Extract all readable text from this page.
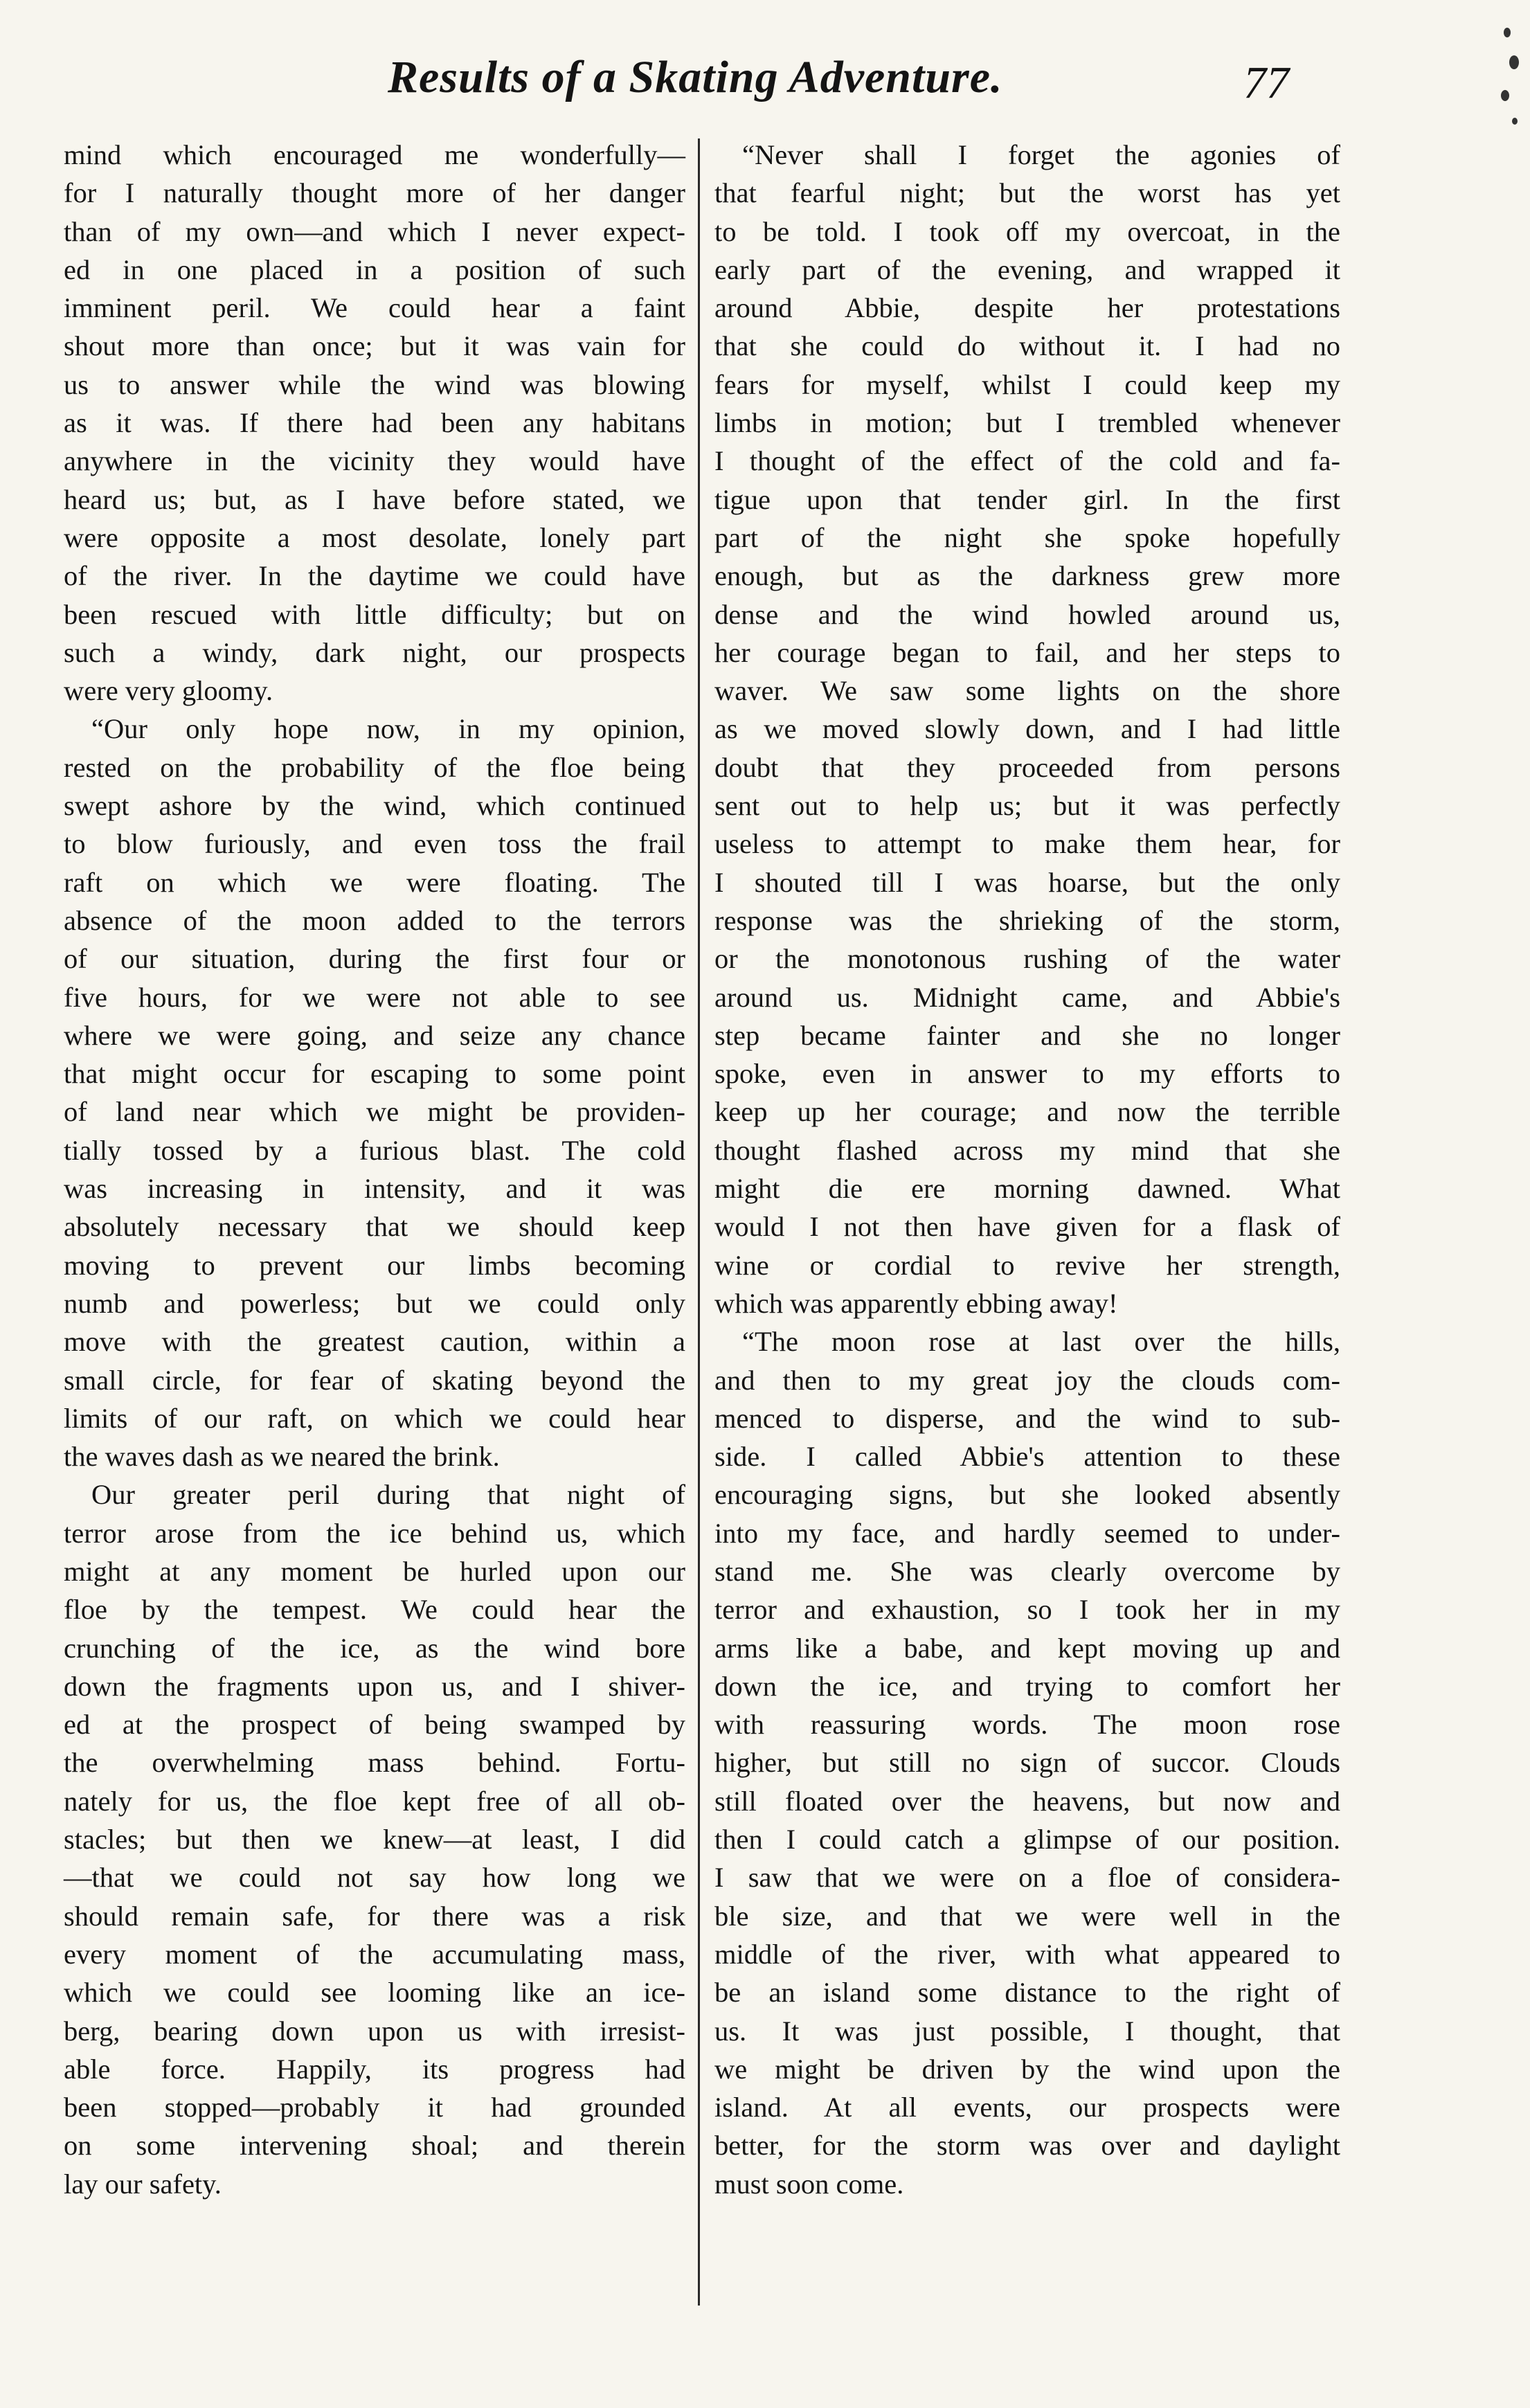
Results of a Skating Adventure.	77
mind which encouraged me wonderfully—
for I naturally thought more of her danger
than of my own—and which I never expect-
ed in one placed in a position of such
imminent peril. We could hear a faint
shout more than once; but it was vain for
us to answer while the wind was blowing
as it was. If there had been any habitans
anywhere in the vicinity they would have
heard us; but, as I have before stated, we
were opposite a most desolate, lonely part
of the river. In the daytime we could have
been rescued with little difficulty; but on
such a windy, dark night, our prospects
were very gloomy.
“Our only hope now, in my opinion,
rested on the probability of the floe being
swept ashore by the wind, which continued
to blow furiously, and even toss the frail
raft on which we were floating. The
absence of the moon added to the terrors
of our situation, during the first four or
five hours, for we were not able to see
where we were going, and seize any chance
that might occur for escaping to some point
of land near which we might be providen-
tially tossed by a furious blast. The cold
was increasing in intensity, and it was
absolutely necessary that we should keep
moving to prevent our limbs becoming
numb and powerless; but we could only
move with the greatest caution, within a
small circle, for fear of skating beyond the
limits of our raft, on which we could hear
the waves dash as we neared the brink.
Our greater peril during that night of
terror arose from the ice behind us, which
might at any moment be hurled upon our
floe by the tempest. We could hear the
crunching of the ice, as the wind bore
down the fragments upon us, and I shiver-
ed at the prospect of being swamped by
the overwhelming mass behind. Fortu-
nately for us, the floe kept free of all ob-
stacles; but then we knew—at least, I did
—that we could not say how long we
should remain safe, for there was a risk
every moment of the accumulating mass,
which we could see looming like an ice-
berg, bearing down upon us with irresist-
able force. Happily, its progress had
been stopped—probably it had grounded
on some intervening shoal; and therein
lay our safety.
“Never shall I forget the agonies of
that fearful night; but the worst has yet
to be told. I took off my overcoat, in the
early part of the evening, and wrapped it
around Abbie, despite her protestations
that she could do without it. I had no
fears for myself, whilst I could keep my
limbs in motion; but I trembled whenever
I thought of the effect of the cold and fa-
tigue upon that tender girl. In the first
part of the night she spoke hopefully
enough, but as the darkness grew more
dense and the wind howled around us,
her courage began to fail, and her steps to
waver. We saw some lights on the shore
as we moved slowly down, and I had little
doubt that they proceeded from persons
sent out to help us; but it was perfectly
useless to attempt to make them hear, for
I shouted till I was hoarse, but the only
response was the shrieking of the storm,
or the monotonous rushing of the water
around us. Midnight came, and Abbie's
step became fainter and she no longer
spoke, even in answer to my efforts to
keep up her courage; and now the terrible
thought flashed across my mind that she
might die ere morning dawned. What
would I not then have given for a flask of
wine or cordial to revive her strength,
which was apparently ebbing away!
“The moon rose at last over the hills,
and then to my great joy the clouds com-
menced to disperse, and the wind to sub-
side. I called Abbie's attention to these
encouraging signs, but she looked absently
into my face, and hardly seemed to under-
stand me. She was clearly overcome by
terror and exhaustion, so I took her in my
arms like a babe, and kept moving up and
down the ice, and trying to comfort her
with reassuring words. The moon rose
higher, but still no sign of succor. Clouds
still floated over the heavens, but now and
then I could catch a glimpse of our position.
I saw that we were on a floe of considera-
ble size, and that we were well in the
middle of the river, with what appeared to
be an island some distance to the right of
us. It was just possible, I thought, that
we might be driven by the wind upon the
island. At all events, our prospects were
better, for the storm was over and daylight
must soon come.
